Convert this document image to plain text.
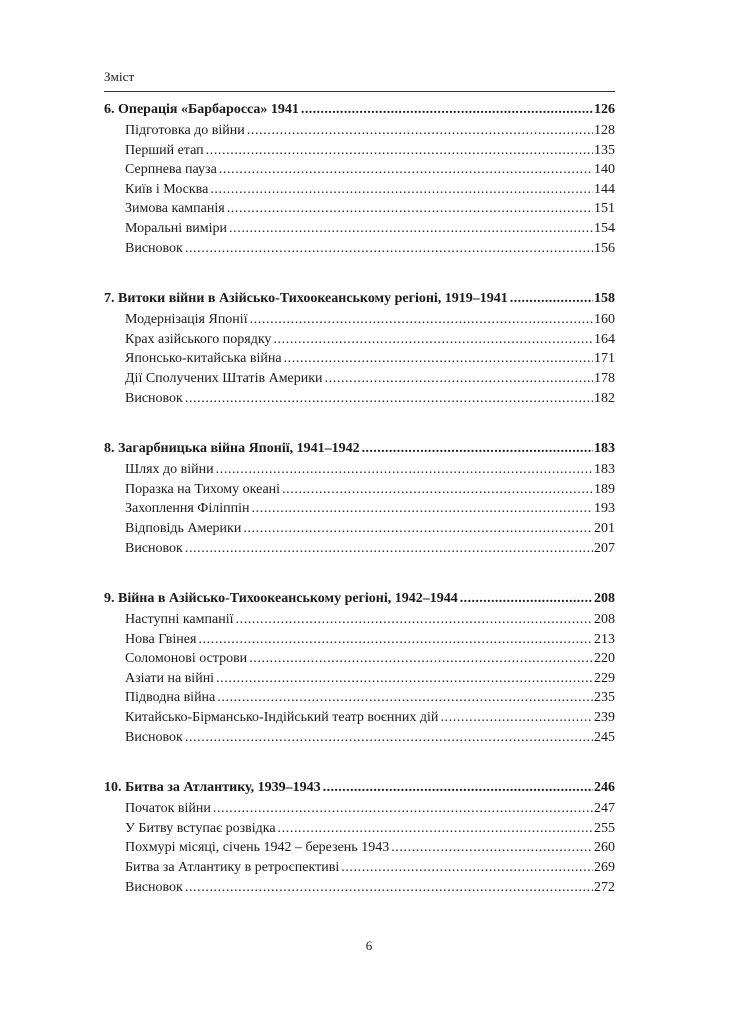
Зміст
6. Операція «Барбаросса» 1941 .....	126
Підготовка до війни .....	128
Перший етап .....	135
Серпнева пауза .....	140
Київ і Москва .....	144
Зимова кампанія .....	151
Моральні виміри .....	154
Висновок .....	156
7. Витоки війни в Азійсько-Тихоокеанському регіоні, 1919–1941 .....	158
Модернізація Японії .....	160
Крах азійського порядку .....	164
Японсько-китайська війна .....	171
Дії Сполучених Штатів Америки .....	178
Висновок .....	182
8. Загарбницька війна Японії, 1941–1942 .....	183
Шлях до війни .....	183
Поразка на Тихому океані .....	189
Захоплення Філіппін .....	193
Відповідь Америки .....	201
Висновок .....	207
9. Війна в Азійсько-Тихоокеанському регіоні, 1942–1944 .....	208
Наступні кампанії .....	208
Нова Гвінея .....	213
Соломонові острови .....	220
Азіати на війні .....	229
Підводна війна .....	235
Китайсько-Бірмансько-Індійський театр воєнних дій .....	239
Висновок .....	245
10. Битва за Атлантику, 1939–1943 .....	246
Початок війни .....	247
У Битву вступає розвідка .....	255
Похмурі місяці, січень 1942 – березень 1943 .....	260
Битва за Атлантику в ретроспективі .....	269
Висновок .....	272
6
